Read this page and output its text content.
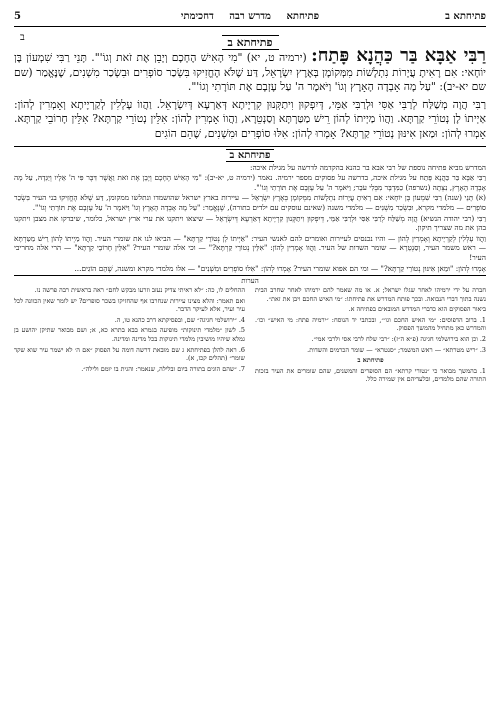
5	פתיחתא מדרש רבה דחכימתי	פתיחתא ב
פתיחתא ב
ב

רַבִּי אַבָּא בַּר כַּהֲנָא פָּתַח: (ירמיה ט, יא) "מִי הָאִישׁ הֶחָכָם וְיָבֵן אֶת זֹאת וְגוֹ'". תָּנֵי רַבִּי שִׁמְעוֹן בֶּן יוֹחָאי: אִם רָאִיתָ עֲיָרוֹת נִתְלָשׁוֹת מִמְּקוֹמָן בְּאֶרֶץ יִשְׂרָאֵל, דַּע שֶׁלֹּא הֶחֱזִיקוּ בִּשְׂכַר סוֹפְרִים וּבִשְׂכַר מִשְׁנִים, שֶׁנֶּאֱמַר (שם שם יא-יב): "עַל מָה אָבְדָה הָאָרֶץ וְגוֹ' וַיֹּאמֶר ה' עַל עָזְבָם אֶת תּוֹרָתִי וְגוֹ'".

רַבִּי הֲוָה מְשַׁלַּח לְרַבִּי אַסִּי וּלְרַבִּי אַמֵּי, דְּיִפְקוּן וִיתַקְּנוּן קִרְיָיתָא דְּאַרְעָא דְּיִשְׂרָאֵל. וַהֲווֹ עָלְלִין לְקַרְיָיתָא וְאָמְרִין לְהוֹן: אַיְיתוֹ לָן נְטוֹרֵי קַרְתָּא. וַהֲווֹ מַיְיתוֹ לְהוֹן רֵישׁ מַטַּרְתָּא וְסַנְטֵרָא, וַהֲווֹ אָמְרִין לְהוֹן: אִלֵּין נְטוֹרֵי קַרְתָּא? אִלֵּין חָרוֹבֵי קַרְתָּא. אָמְרוּ לְהוֹן: וּמַאן אִינּוּן נְטוֹרֵי קַרְתָּא? אָמְרוּ לְהוֹן: אִלּוּ סוֹפְרִים וּמִשְׁנִים, שֶׁהֵם הוֹגִים

פתיחתא ב

המדרש מביא פתיחה נוספת של רבי אבא בר כהנא בהקדמה לדרשה על מגילת איכה:

רַבִּי אַבָּא בַּר כַּהֲנָא פָּתַח על מגילת איכה, בדרשה על פסוקים מספר ירמיה. נאמר (ירמיה ט, יא-יב): "מִי הָאִישׁ הֶחָכָם וְיָבֵן אֶת זֹאת וַאֲשֶׁר דִּבֶּר פִּי ה' אֵלָיו וְיַגִּדָהּ, עַל מָה אָבְדָה הָאָרֶץ, נִצְּתָה (נשרפה) כַמִּדְבָּר מִבְּלִי עֹבֵר; וַיֹּאמֶר ה' עַל עָזְבָם אֶת תּוֹרָתִי וְגוֹ'".

(א) תָּנֵי (שנה) רַבִּי שִׁמְעוֹן בֶּן יוֹחָאי: אִם רָאִיתָ עֲיָרוֹת נִתְלָשׁוֹת מִמְּקוֹמָן בְּאֶרֶץ יִשְׂרָאֵל — עיירות בארץ ישראל שהושמדו ונתלשו ממקומן, דַּע שֶׁלֹּא הֶחֱזִיקוּ בני העיר בִּשְׂכַר סוֹפְרִים — מלמדי מקרא, וּבִשְׂכַר מִשְׁנִים — מלמדי משנה (שאינם עוסקים עם ילדים בתורה), שֶׁנֶּאֱמַר: "עַל מָה אָבְדָה הָאָרֶץ וְגוֹ' וַיֹּאמֶר ה' עַל עָזְבָם אֶת תּוֹרָתִי וְגוֹ'".

רַבִּי (רבי יהודה הנשיא) הֲוָה מְשַׁלַּח לְרַבִּי אַסִּי וּלְרַבִּי אַמֵּי, דְּיִפְקוּן וִיתַקְּנוּן קִרְיָיתָא דְּאַרְעָא דְּיִשְׂרָאֵל — שיצאו ויתקנו את ערי ארץ ישראל, כלומר, שיבדקו את מצבן ויתקנו בהן את מה שצריך תיקון.

וַהֲווֹ עָלְלִין לְקַרְיָיתָא וְאָמְרִין לְהוֹן — והיו נכנסים לעיירות ואומרים להם לאנשי העיר: "אַיְיתוֹ לָן נְטוֹרֵי קַרְתָּא" — הביאו לנו את שומרי העיר. וַהֲווֹ מַיְיתוֹ לְהוֹן רֵישׁ מַטַּרְתָּא — ראש משמר העיר, וְסַנְטֵרָא — שומר השדות של העיר. וַהֲווֹ אָמְרִין לְהוֹן: "אִלֵּין נְטוֹרֵי קַרְתָּא?" — וכי אלה שומרי העיר? "אִלֵּין חָרוֹבֵי קַרְתָּא" — הרי אלה מחריבי העיר!

אָמְרוּ לְהוֹן: "וּמַאן אִינּוּן נְטוֹרֵי קַרְתָּא?" — ומי הם אפוא שומרי העיר? אָמְרוּ לְהוֹן: "אִלּוּ סוֹפְרִים וּמִשְׁנִים" — אלו מלמדי מקרא ומשנה, שֶׁהֵם הוֹגִים...

הערות

חברה על ידי ירמיהו לאחר שגלו ישראל; א. או מה שאמר להם ירמיהו לאחר שחרב הבית נשנה בתוך דברי הנבואה. ובכך פותח המדרש את פתיחתו: ״מי האיש החכם ויבן את זאת״.

ביאור הפסוקים הוא כדברי המדרש המובאים בפתיחה א.

1. ברוב הדפוסים: ״מי האיש החכם וגו׳״, ובכתבי יד הנוסח: ״ירמיה פתח: מי האיש״ וכו׳. והמדרש כאן מתחיל מהמשך הפסוק.

2. וכן הוא בירושלמי חגיגה (פ״א ה״ז): ״רבי שלח לרבי אסי ולרבי אמי״.

3. ״ריש מטרתא״ — ראש המשמר; ״סנטרא״ — שומר הכרמים והשדות.

פתיחתא ב

1. בהמשך מבואר כי ״נטורי קרתא״ הם הסופרים והמשנים, שהם שומרים את העיר בזכות התורה שהם מלמדים, ובלעדיהם אין שמירה כלל.

ההחלים לו, כה: ״לא ראיתי צדיק נעזב וזרעו מבקש לחם״ ראה בראשית רבה פרשה נו.

ואם תאמר: והלא מצינו עיירות שנחרבו אף שהחזיקו בשכר סופרים? יש לומר שאין הכוונה לכל עיר ועיר, אלא לעיקר הדבר.

4. ״ירושלמי חגיגה״ שם, ובפסיקתא דרב כהנא טו, ה.

5. לשון ״מלמדי תינוקות״ מופיעה בגמרא בבא בתרא כא, א; ושם מבואר שתיקן יהושע בן גמלא שיהיו מושיבין מלמדי תינוקות בכל מדינה ומדינה.

6. ראה להלן בפתיחתא ג שם מובאת דרשה דומה על הפסוק ״אם ה׳ לא ישמר עיר שוא שקד שומר״ (תהלים קכז, א).

7. ״שהם הוגים בתורה ביום ובלילה, שנאמר: והגית בו יומם ולילה״.
